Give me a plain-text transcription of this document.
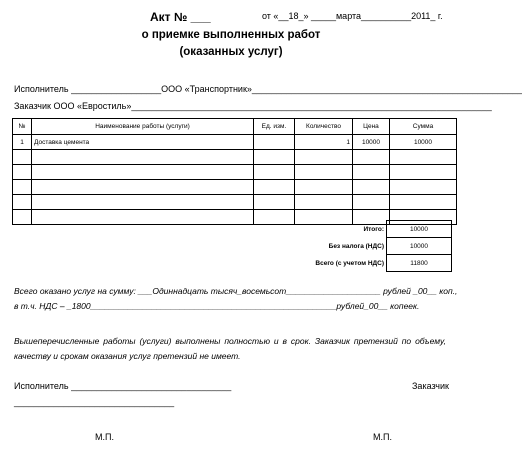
Акт № ___	от «__18_» _____марта__________2011_ г.
о приемке выполненных работ
(оказанных услуг)
Исполнитель __________________ООО «Транспортник»______________________________________________________
Заказчик ООО «Евростиль»________________________________________________________________________
№	Наименование работы (услуги)	Ед. изм.	Количество	Цена	Сумма
1	Доставка цемента		1	10000	10000

Итого:	10000
Без налога (НДС)	10000
Всего (с учетом НДС)	11800
Всего оказано услуг на сумму: ___Одиннадцать тысяч_восемьсот____________________ рублей _00__ коп.,
в т.ч. НДС – _1800____________________________________________________рублей_00__ копеек.
Вышеперечисленные работы (услуги) выполнены полностью и в срок. Заказчик претензий по объему, качеству и срокам оказания услуг претензий не имеет.
Исполнитель ________________________________	Заказчик
________________________________
М.П.	М.П.
